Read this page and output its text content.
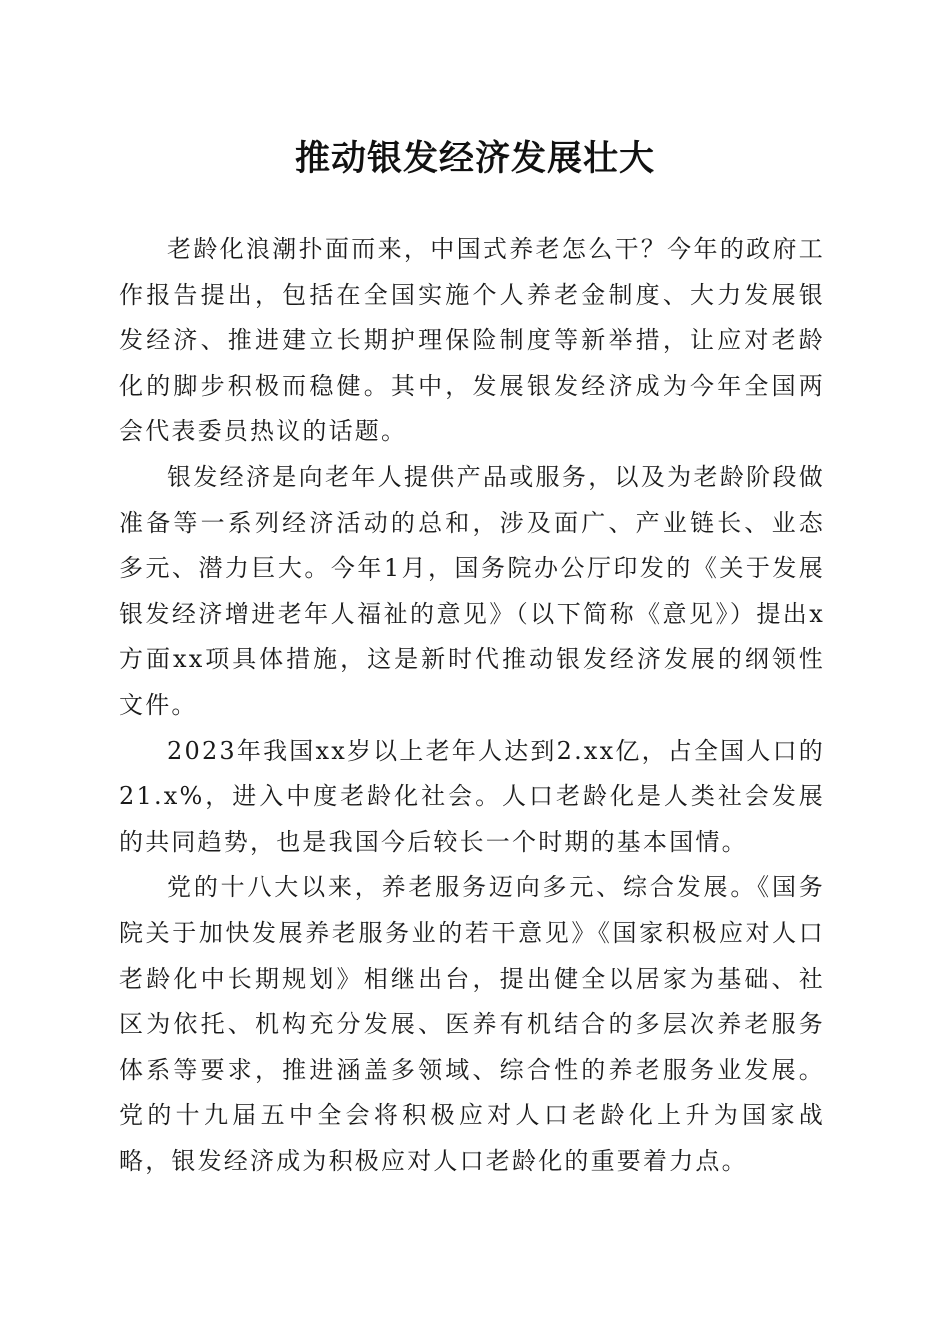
推动银发经济发展壮大

老龄化浪潮扑面而来，中国式养老怎么干？今年的政府工作报告提出，包括在全国实施个人养老金制度、大力发展银发经济、推进建立长期护理保险制度等新举措，让应对老龄化的脚步积极而稳健。其中，发展银发经济成为今年全国两会代表委员热议的话题。

银发经济是向老年人提供产品或服务，以及为老龄阶段做准备等一系列经济活动的总和，涉及面广、产业链长、业态多元、潜力巨大。今年1月，国务院办公厅印发的《关于发展银发经济增进老年人福祉的意见》（以下简称《意见》）提出x方面xx项具体措施，这是新时代推动银发经济发展的纲领性文件。

2023年我国xx岁以上老年人达到2.xx亿，占全国人口的21.x%，进入中度老龄化社会。人口老龄化是人类社会发展的共同趋势，也是我国今后较长一个时期的基本国情。

党的十八大以来，养老服务迈向多元、综合发展。《国务院关于加快发展养老服务业的若干意见》《国家积极应对人口老龄化中长期规划》相继出台，提出健全以居家为基础、社区为依托、机构充分发展、医养有机结合的多层次养老服务体系等要求，推进涵盖多领域、综合性的养老服务业发展。党的十九届五中全会将积极应对人口老龄化上升为国家战略，银发经济成为积极应对人口老龄化的重要着力点。
